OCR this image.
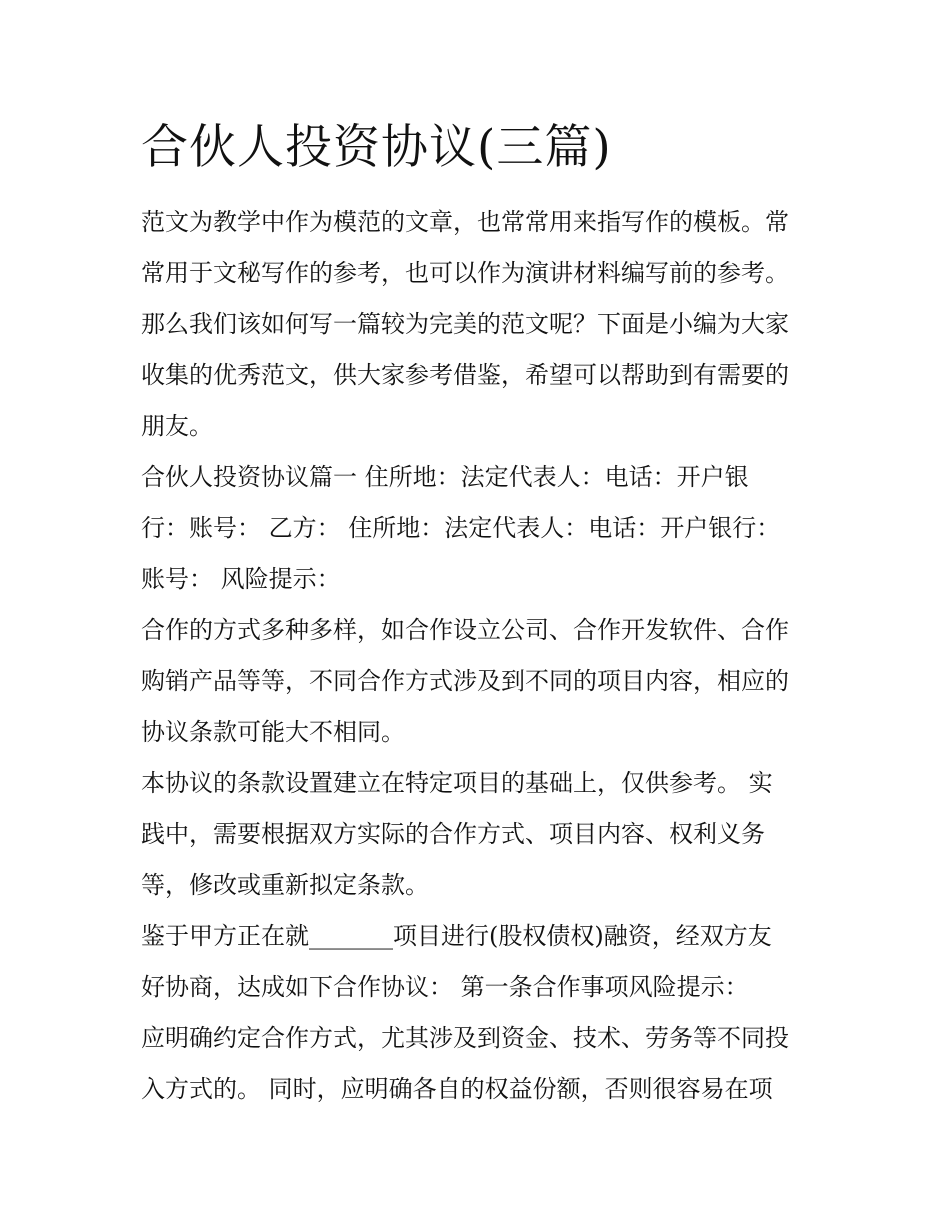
合伙人投资协议(三篇)
范文为教学中作为模范的文章，也常常用来指写作的模板。常
常用于文秘写作的参考，也可以作为演讲材料编写前的参考。
那么我们该如何写一篇较为完美的范文呢？下面是小编为大家
收集的优秀范文，供大家参考借鉴，希望可以帮助到有需要的
朋友。
合伙人投资协议篇一 住所地：法定代表人：电话：开户银
行：账号： 乙方： 住所地：法定代表人：电话：开户银行：
账号： 风险提示：
合作的方式多种多样，如合作设立公司、合作开发软件、合作
购销产品等等，不同合作方式涉及到不同的项目内容，相应的
协议条款可能大不相同。
本协议的条款设置建立在特定项目的基础上，仅供参考。 实
践中，需要根据双方实际的合作方式、项目内容、权利义务
等，修改或重新拟定条款。
鉴于甲方正在就_______项目进行(股权债权)融资，经双方友
好协商，达成如下合作协议： 第一条合作事项风险提示：
应明确约定合作方式，尤其涉及到资金、技术、劳务等不同投
入方式的。 同时，应明确各自的权益份额，否则很容易在项
